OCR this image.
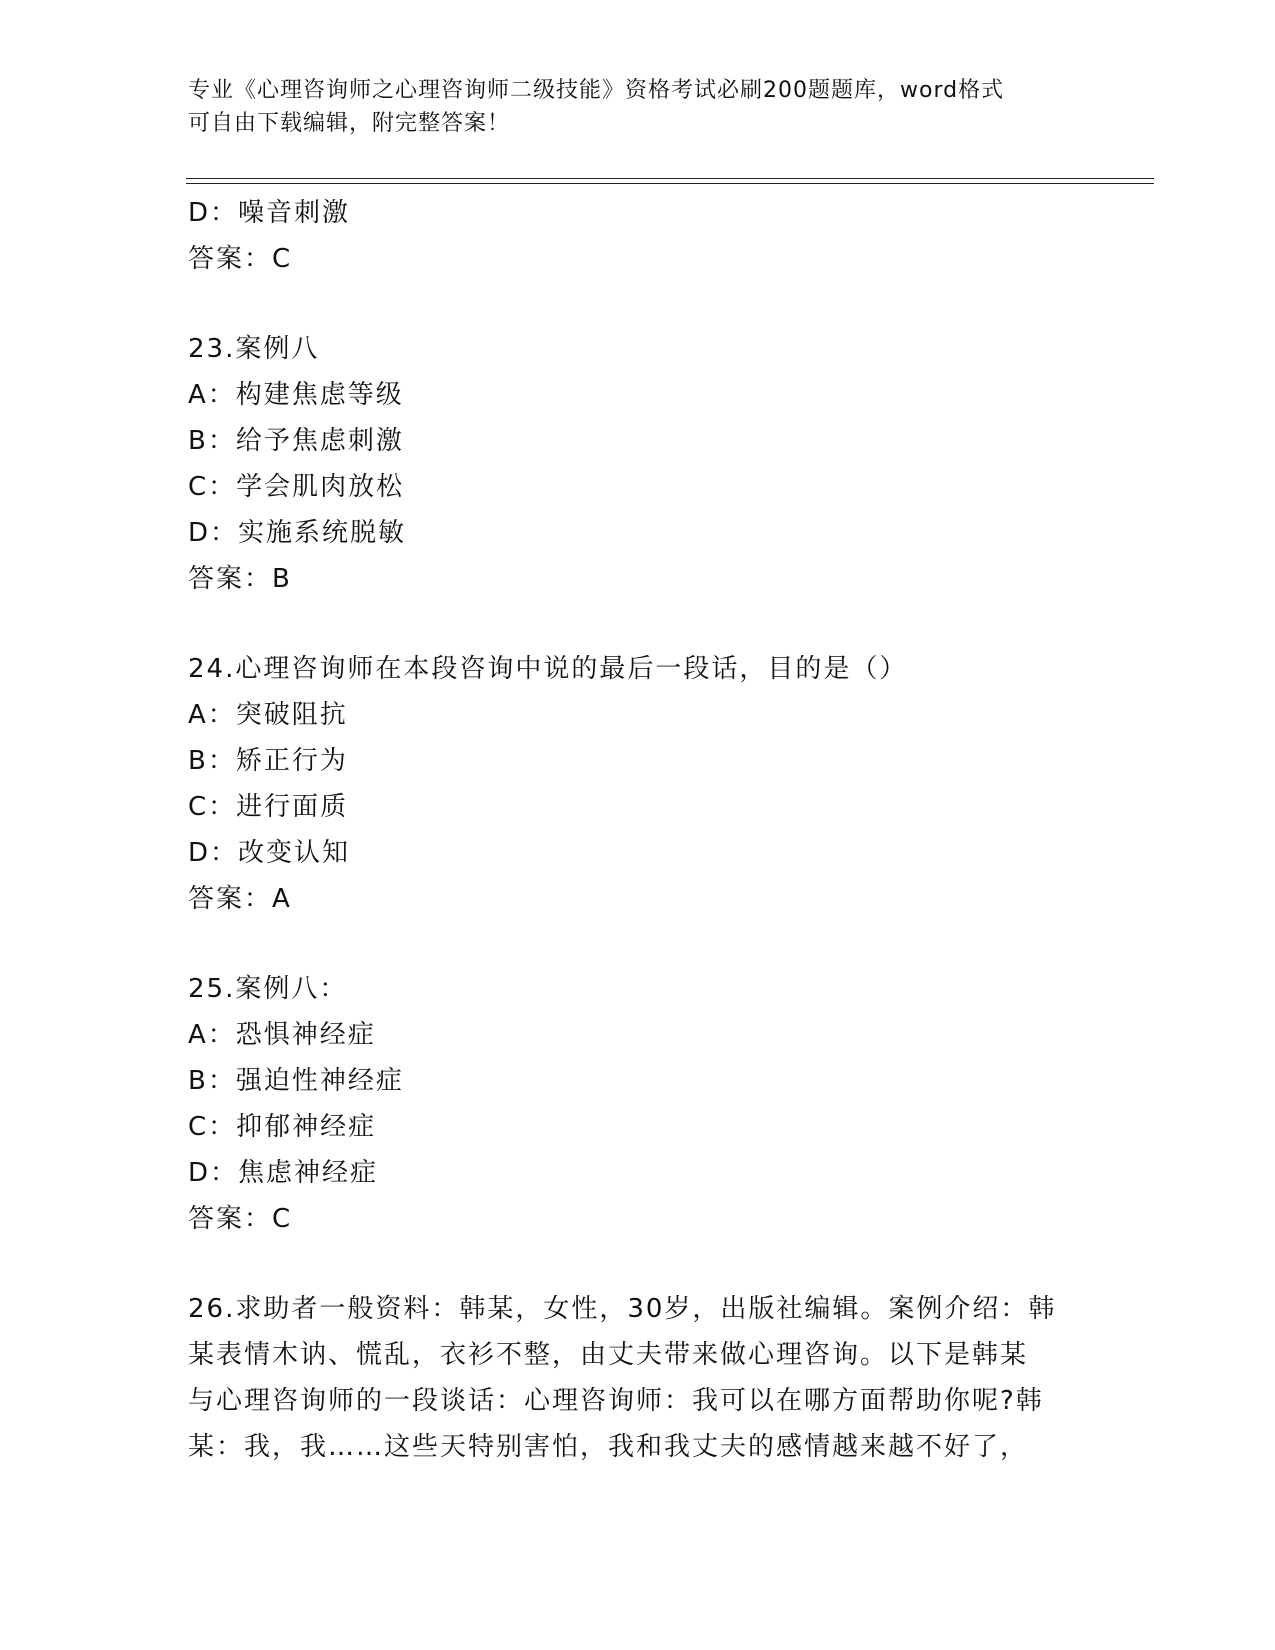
专业《心理咨询师之心理咨询师二级技能》资格考试必刷200题题库，word格式
可自由下载编辑，附完整答案！
D：噪音刺激
答案：C
23.案例八
A：构建焦虑等级
B：给予焦虑刺激
C：学会肌肉放松
D：实施系统脱敏
答案：B
24.心理咨询师在本段咨询中说的最后一段话，目的是（）
A：突破阻抗
B：矫正行为
C：进行面质
D：改变认知
答案：A
25.案例八：
A：恐惧神经症
B：强迫性神经症
C：抑郁神经症
D：焦虑神经症
答案：C
26.求助者一般资料：韩某，女性，30岁，出版社编辑。案例介绍：韩
某表情木讷、慌乱，衣衫不整，由丈夫带来做心理咨询。以下是韩某
与心理咨询师的一段谈话：心理咨询师：我可以在哪方面帮助你呢?韩
某：我，我……这些天特别害怕，我和我丈夫的感情越来越不好了，
